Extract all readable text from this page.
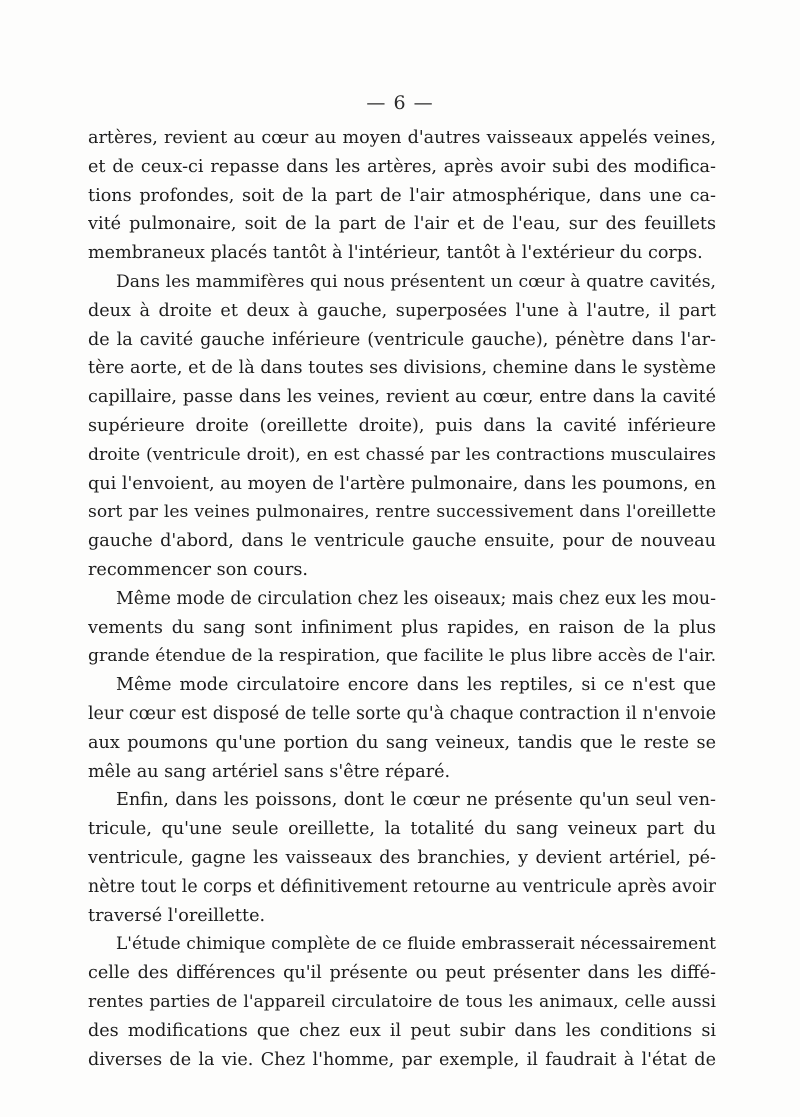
— 6 —
artères, revient au cœur au moyen d'autres vaisseaux appelés veines,
et de ceux-ci repasse dans les artères, après avoir subi des modifica-
tions profondes, soit de la part de l'air atmosphérique, dans une ca-
vité pulmonaire, soit de la part de l'air et de l'eau, sur des feuillets
membraneux placés tantôt à l'intérieur, tantôt à l'extérieur du corps.
Dans les mammifères qui nous présentent un cœur à quatre cavités,
deux à droite et deux à gauche, superposées l'une à l'autre, il part
de la cavité gauche inférieure (ventricule gauche), pénètre dans l'ar-
tère aorte, et de là dans toutes ses divisions, chemine dans le système
capillaire, passe dans les veines, revient au cœur, entre dans la cavité
supérieure droite (oreillette droite), puis dans la cavité inférieure
droite (ventricule droit), en est chassé par les contractions musculaires
qui l'envoient, au moyen de l'artère pulmonaire, dans les poumons, en
sort par les veines pulmonaires, rentre successivement dans l'oreillette
gauche d'abord, dans le ventricule gauche ensuite, pour de nouveau
recommencer son cours.
Même mode de circulation chez les oiseaux; mais chez eux les mou-
vements du sang sont infiniment plus rapides, en raison de la plus
grande étendue de la respiration, que facilite le plus libre accès de l'air.
Même mode circulatoire encore dans les reptiles, si ce n'est que
leur cœur est disposé de telle sorte qu'à chaque contraction il n'envoie
aux poumons qu'une portion du sang veineux, tandis que le reste se
mêle au sang artériel sans s'être réparé.
Enfin, dans les poissons, dont le cœur ne présente qu'un seul ven-
tricule, qu'une seule oreillette, la totalité du sang veineux part du
ventricule, gagne les vaisseaux des branchies, y devient artériel, pé-
nètre tout le corps et définitivement retourne au ventricule après avoir
traversé l'oreillette.
L'étude chimique complète de ce fluide embrasserait nécessairement
celle des différences qu'il présente ou peut présenter dans les diffé-
rentes parties de l'appareil circulatoire de tous les animaux, celle aussi
des modifications que chez eux il peut subir dans les conditions si
diverses de la vie. Chez l'homme, par exemple, il faudrait à l'état de
